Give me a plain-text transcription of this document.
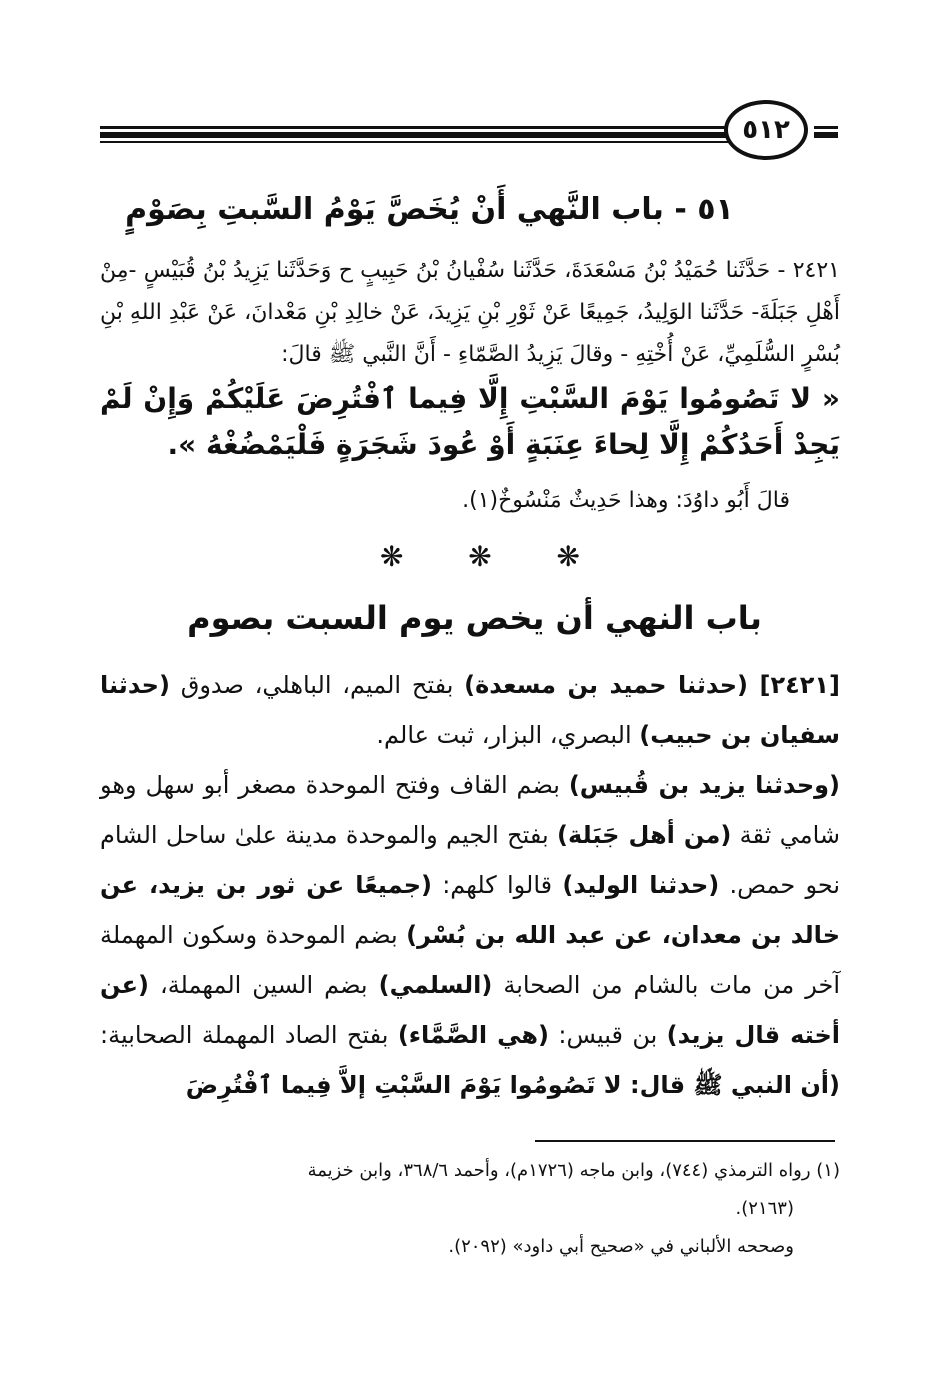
٥١٢
٥١ - باب النَّهي أَنْ يُخَصَّ يَوْمُ السَّبتِ بِصَوْمٍ

٢٤٢١ - حَدَّثَنا حُمَيْدُ بْنُ مَسْعَدَةَ، حَدَّثَنا سُفْيانُ بْنُ حَبِيبٍ ح وَحَدَّثَنا يَزِيدُ بْنُ قُبَيْسٍ -مِنْ أَهْلِ جَبَلَةَ- حَدَّثَنا الوَلِيدُ، جَمِيعًا عَنْ ثَوْرِ بْنِ يَزِيدَ، عَنْ خالِدِ بْنِ مَعْدانَ، عَنْ عَبْدِ اللهِ بْنِ بُسْرٍ السُّلَمِيِّ، عَنْ أُخْتِهِ - وقالَ يَزِيدُ الصَّمّاءِ - أَنَّ النَّبي ﷺ قالَ:

« لا تَصُومُوا يَوْمَ السَّبْتِ إِلَّا فِيما ٱفْتُرِضَ عَلَيْكُمْ وَإِنْ لَمْ يَجِدْ أَحَدُكُمْ إِلَّا لِحاءَ عِنَبَةٍ أَوْ عُودَ شَجَرَةٍ فَلْيَمْضُغْهُ ».
قالَ أَبُو داوُدَ: وهذا حَدِيثٌ مَنْسُوخٌ(١).
❋ ❋ ❋
باب النهي أن يخص يوم السبت بصوم

[٢٤٢١] (حدثنا حميد بن مسعدة) بفتح الميم، الباهلي، صدوق (حدثنا سفيان بن حبيب) البصري، البزار، ثبت عالم.

(وحدثنا يزيد بن قُبيس) بضم القاف وفتح الموحدة مصغر أبو سهل وهو شامي ثقة (من أهل جَبَلة) بفتح الجيم والموحدة مدينة علىٰ ساحل الشام نحو حمص. (حدثنا الوليد) قالوا كلهم: (جميعًا عن ثور بن يزيد، عن خالد بن معدان، عن عبد الله بن بُسْر) بضم الموحدة وسكون المهملة آخر من مات بالشام من الصحابة (السلمي) بضم السين المهملة، (عن أخته قال يزيد) بن قبيس: (هي الصَّمَّاء) بفتح الصاد المهملة الصحابية: (أن النبي ﷺ قال: لا تَصُومُوا يَوْمَ السَّبْتِ إلاَّ فِيما ٱفْتُرِضَ

(١) رواه الترمذي (٧٤٤)، وابن ماجه (١٧٢٦م)، وأحمد ٣٦٨/٦، وابن خزيمة

(٢١٦٣).

وصححه الألباني في «صحيح أبي داود» (٢٠٩٢).
